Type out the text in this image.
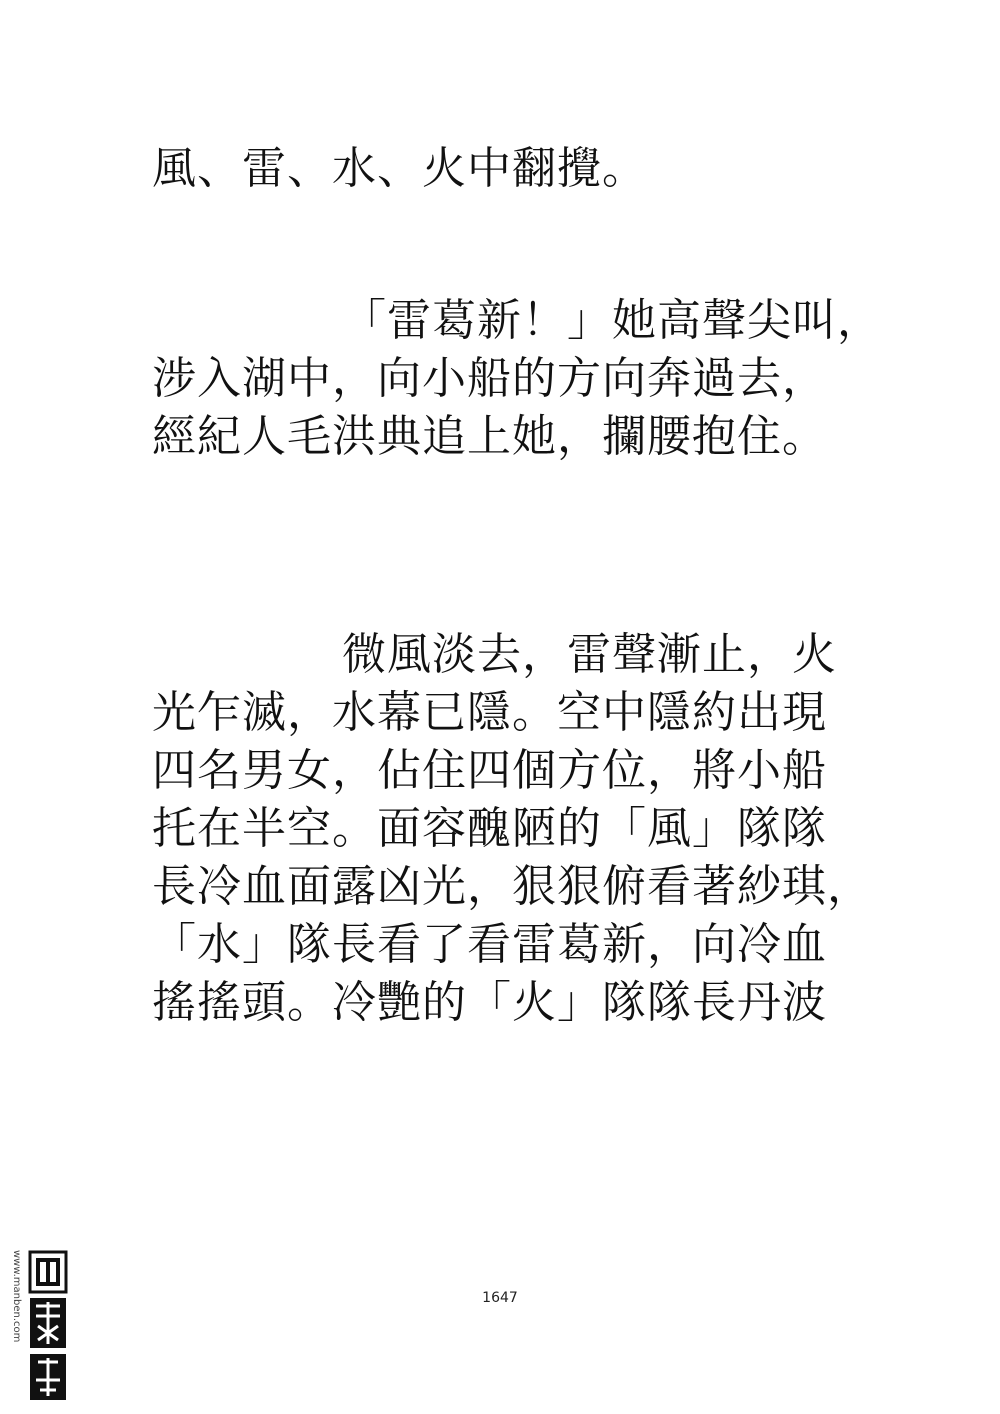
風、雷、水、火中翻攪。
「雷葛新！」她高聲尖叫，
涉入湖中，向小船的方向奔過去，
經紀人毛洪典追上她，攔腰抱住。
微風淡去，雷聲漸止，火
光乍滅，水幕已隱。空中隱約出現
四名男女，佔住四個方位，將小船
托在半空。面容醜陋的「風」隊隊
長冷血面露凶光，狠狠俯看著紗琪，
「水」隊長看了看雷葛新，向冷血
搖搖頭。冷艷的「火」隊隊長丹波
1647
www.manben.com
